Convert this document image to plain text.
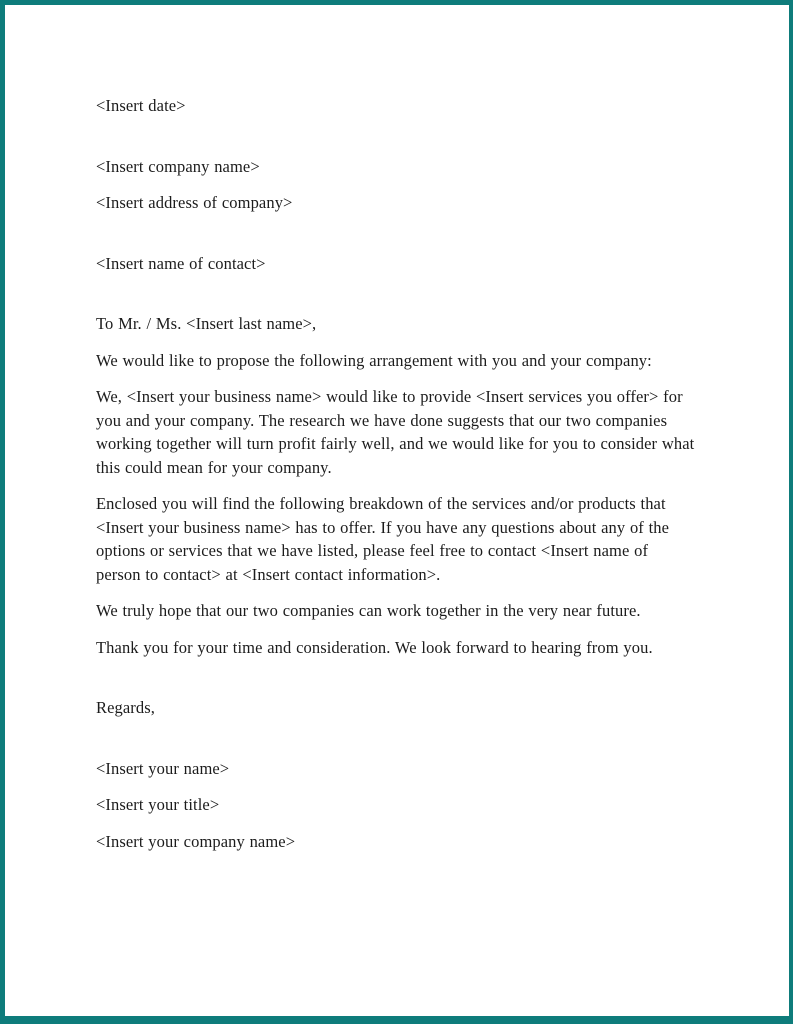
<Insert date>

<Insert company name>

<Insert address of company>

<Insert name of contact>

To Mr. / Ms. <Insert last name>,

We would like to propose the following arrangement with you and your company:

We, <Insert your business name> would like to provide <Insert services you offer> for you and your company. The research we have done suggests that our two companies working together will turn profit fairly well, and we would like for you to consider what this could mean for your company.

Enclosed you will find the following breakdown of the services and/or products that <Insert your business name> has to offer. If you have any questions about any of the options or services that we have listed, please feel free to contact <Insert name of person to contact> at <Insert contact information>.

We truly hope that our two companies can work together in the very near future.

Thank you for your time and consideration. We look forward to hearing from you.

Regards,

<Insert your name>

<Insert your title>

<Insert your company name>
